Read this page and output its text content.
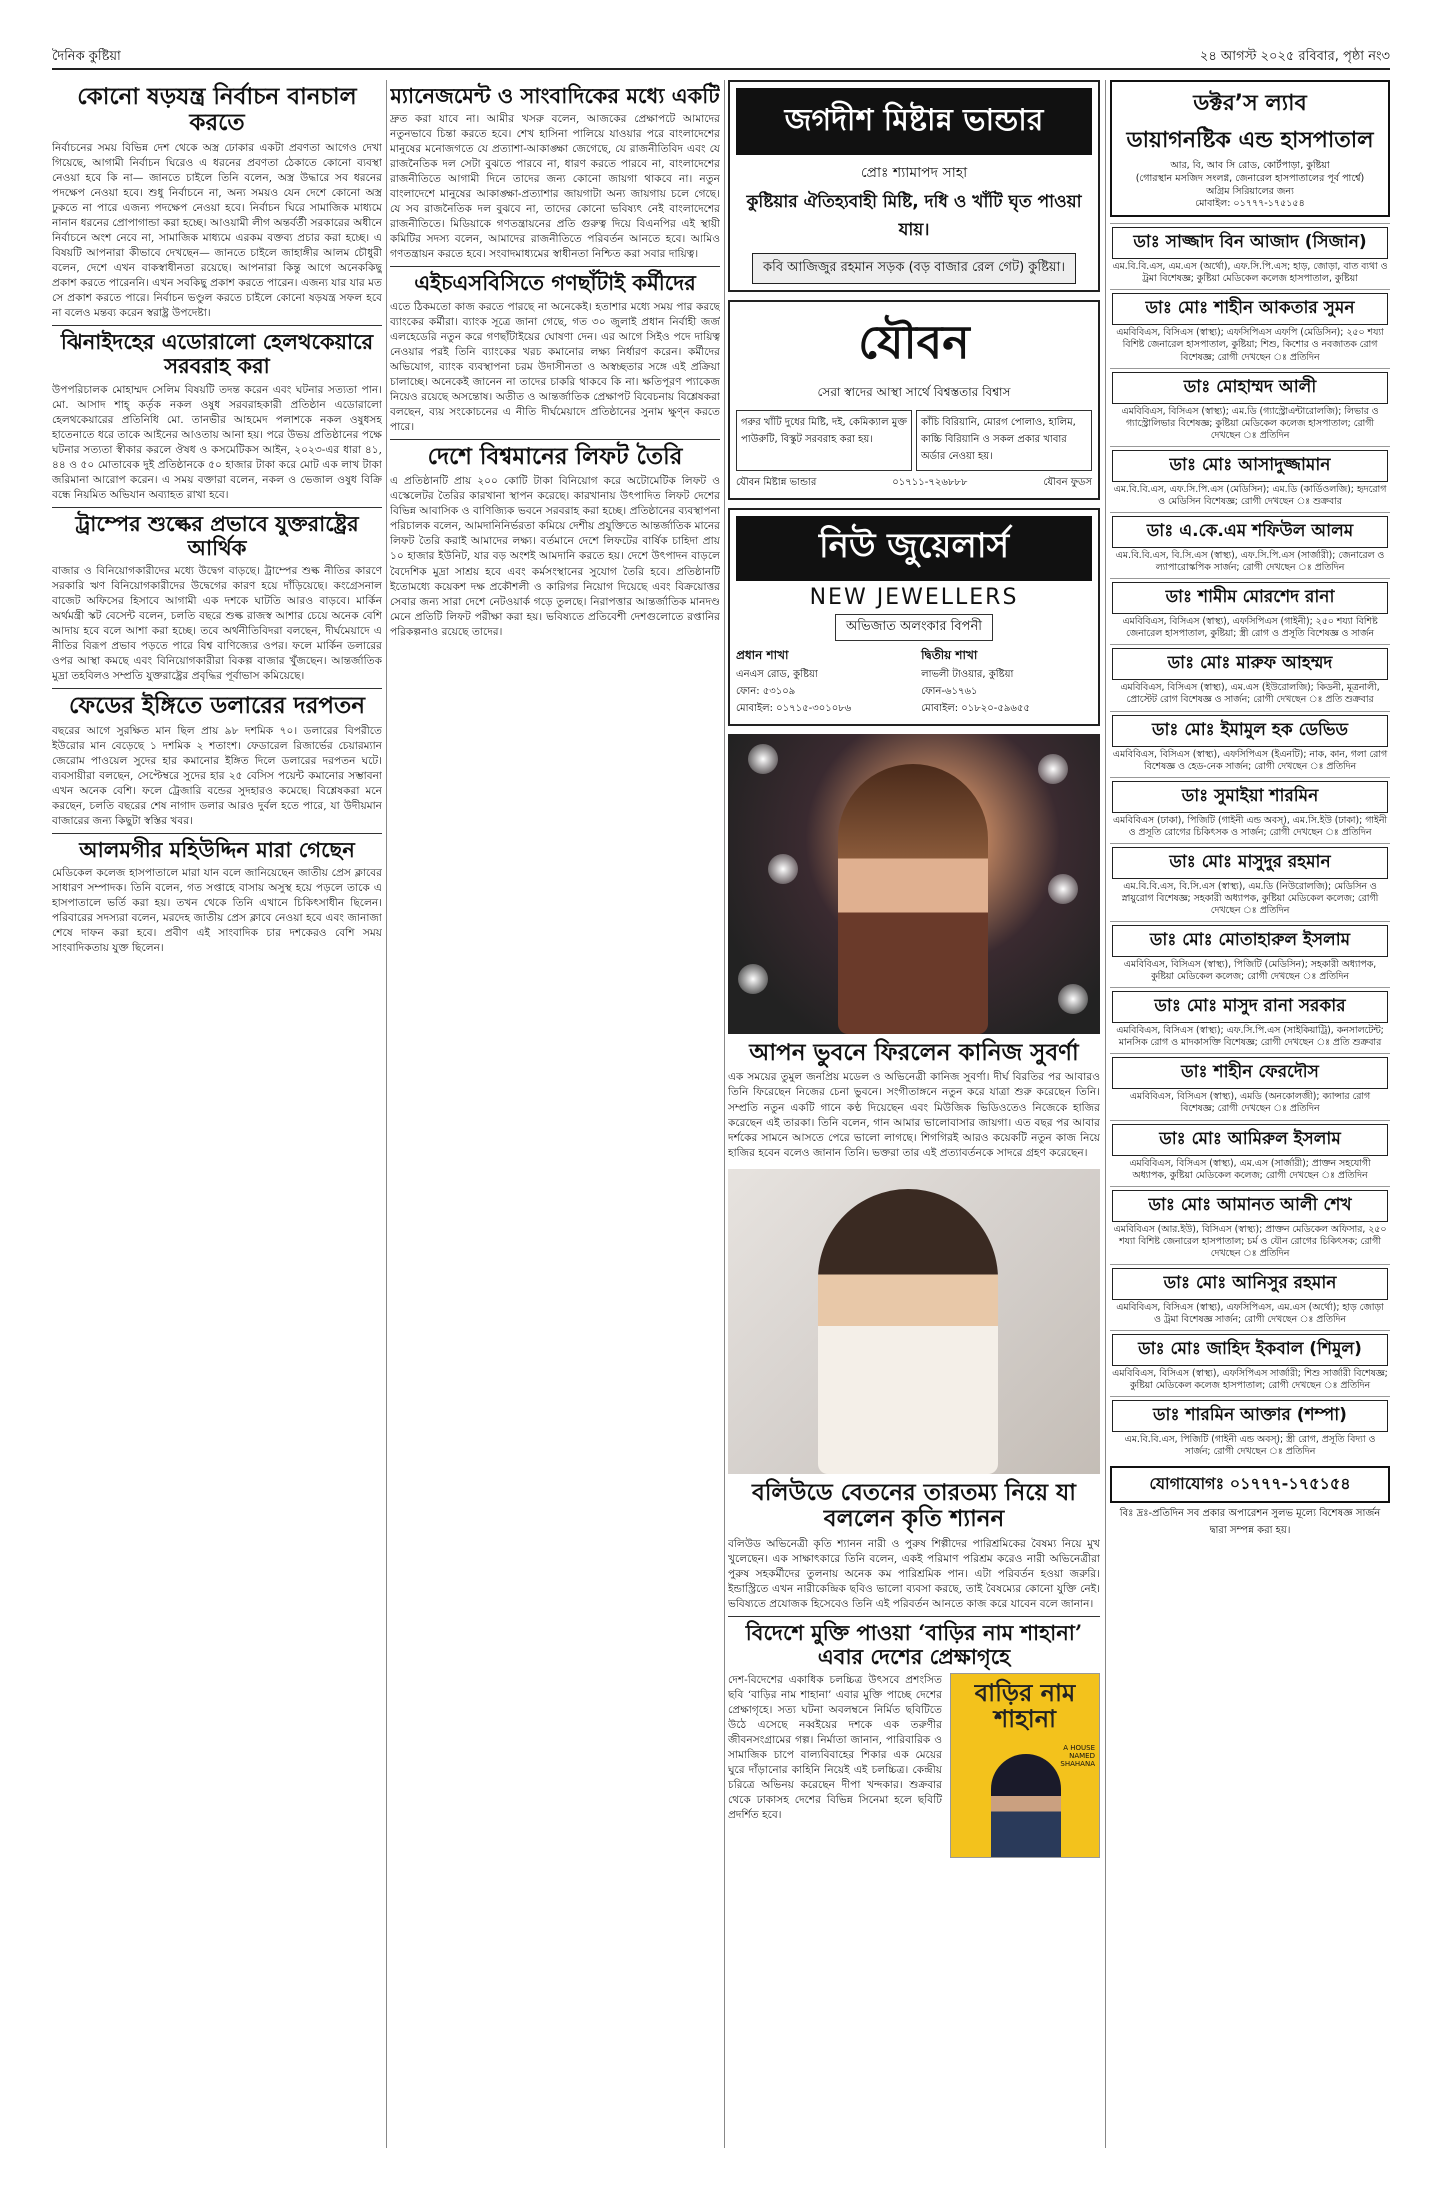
দৈনিক কুষ্টিয়া	২৪ আগস্ট ২০২৫ রবিবার, পৃষ্ঠা নং৩
কোনো ষড়যন্ত্র নির্বাচন বানচাল করতে
নির্বাচনের সময় বিভিন্ন দেশ থেকে অস্ত্র ঢোকার একটা প্রবণতা আগেও দেখা গিয়েছে, আগামী নির্বাচন ঘিরেও এ ধরনের প্রবণতা ঠেকাতে কোনো ব্যবস্থা নেওয়া হবে কি না— জানতে চাইলে তিনি বলেন, অস্ত্র উদ্ধারে সব ধরনের পদক্ষেপ নেওয়া হবে। শুধু নির্বাচনে না, অন্য সময়ও যেন দেশে কোনো অস্ত্র ঢুকতে না পারে এজন্য পদক্ষেপ নেওয়া হবে। নির্বাচন ঘিরে সামাজিক মাধ্যমে নানান ধরনের প্রোপাগান্ডা করা হচ্ছে। আওয়ামী লীগ অন্তর্বর্তী সরকারের অধীনে নির্বাচনে অংশ নেবে না, সামাজিক মাধ্যমে এরকম বক্তব্য প্রচার করা হচ্ছে। এ বিষয়টি আপনারা কীভাবে দেখছেন— জানতে চাইলে জাহাঙ্গীর আলম চৌধুরী বলেন, দেশে এখন বাকস্বাধীনতা রয়েছে। আপনারা কিন্তু আগে অনেককিছু প্রকাশ করতে পারেননি। এখন সবকিছু প্রকাশ করতে পারেন। এজন্য যার যার মত সে প্রকাশ করতে পারে। নির্বাচন ভণ্ডুল করতে চাইলে কোনো ষড়যন্ত্র সফল হবে না বলেও মন্তব্য করেন স্বরাষ্ট্র উপদেষ্টা।
ঝিনাইদহের এডোরালো হেলথকেয়ারে সরবরাহ করা
উপপরিচালক মোহাম্মদ সেলিম বিষয়টি তদন্ত করেন এবং ঘটনার সত্যতা পান। মো. আসাদ শাহ্‌ কর্তৃক নকল ওষুধ সরবরাহকারী প্রতিষ্ঠান এডোরালো হেলথকেয়ারের প্রতিনিধি মো. তানভীর আহমেদ পলাশকে নকল ওষুধসহ হাতেনাতে ধরে তাকে আইনের আওতায় আনা হয়। পরে উভয় প্রতিষ্ঠানের পক্ষে ঘটনার সত্যতা স্বীকার করলে ঔষধ ও কসমেটিকস আইন, ২০২৩-এর ধারা ৪১, ৪৪ ও ৫০ মোতাবেক দুই প্রতিষ্ঠানকে ৫০ হাজার টাকা করে মোট এক লাখ টাকা জরিমানা আরোপ করেন। এ সময় বক্তারা বলেন, নকল ও ভেজাল ওষুধ বিক্রি বন্ধে নিয়মিত অভিযান অব্যাহত রাখা হবে।
ট্রাম্পের শুল্কের প্রভাবে যুক্তরাষ্ট্রের আর্থিক
বাজার ও বিনিয়োগকারীদের মধ্যে উদ্বেগ বাড়ছে। ট্রাম্পের শুল্ক নীতির কারণে সরকারি ঋণ বিনিয়োগকারীদের উদ্বেগের কারণ হয়ে দাঁড়িয়েছে। কংগ্রেসনাল বাজেট অফিসের হিসাবে আগামী এক দশকে ঘাটতি আরও বাড়বে। মার্কিন অর্থমন্ত্রী স্কট বেসেন্ট বলেন, চলতি বছরে শুল্ক রাজস্ব আশার চেয়ে অনেক বেশি আদায় হবে বলে আশা করা হচ্ছে। তবে অর্থনীতিবিদরা বলছেন, দীর্ঘমেয়াদে এ নীতির বিরূপ প্রভাব পড়তে পারে বিশ্ব বাণিজ্যের ওপর। ফলে মার্কিন ডলারের ওপর আস্থা কমছে এবং বিনিয়োগকারীরা বিকল্প বাজার খুঁজছেন। আন্তর্জাতিক মুদ্রা তহবিলও সম্প্রতি যুক্তরাষ্ট্রের প্রবৃদ্ধির পূর্বাভাস কমিয়েছে।
ফেডের ইঙ্গিতে ডলারের দরপতন
বছরের আগে সুরক্ষিত মান ছিল প্রায় ৯৮ দশমিক ৭০। ডলারের বিপরীতে ইউরোর মান বেড়েছে ১ দশমিক ২ শতাংশ। ফেডারেল রিজার্ভের চেয়ারম্যান জেরোম পাওয়েল সুদের হার কমানোর ইঙ্গিত দিলে ডলারের দরপতন ঘটে। ব্যবসায়ীরা বলছেন, সেপ্টেম্বরে সুদের হার ২৫ বেসিস পয়েন্ট কমানোর সম্ভাবনা এখন অনেক বেশি। ফলে ট্রেজারি বন্ডের সুদহারও কমেছে। বিশ্লেষকরা মনে করছেন, চলতি বছরের শেষ নাগাদ ডলার আরও দুর্বল হতে পারে, যা উদীয়মান বাজারের জন্য কিছুটা স্বস্তির খবর।
আলমগীর মহিউদ্দিন মারা গেছেন
মেডিকেল কলেজ হাসপাতালে মারা যান বলে জানিয়েছেন জাতীয় প্রেস ক্লাবের সাধারণ সম্পাদক। তিনি বলেন, গত সপ্তাহে বাসায় অসুস্থ হয়ে পড়লে তাকে এ হাসপাতালে ভর্তি করা হয়। তখন থেকে তিনি এখানে চিকিৎসাধীন ছিলেন। পরিবারের সদস্যরা বলেন, মরদেহ জাতীয় প্রেস ক্লাবে নেওয়া হবে এবং জানাজা শেষে দাফন করা হবে। প্রবীণ এই সাংবাদিক চার দশকেরও বেশি সময় সাংবাদিকতায় যুক্ত ছিলেন।
ম্যানেজমেন্ট ও সাংবাদিকের মধ্যে একটি
দ্রুত করা যাবে না। আমীর খসরু বলেন, আজকের প্রেক্ষাপটে আমাদের নতুনভাবে চিন্তা করতে হবে। শেখ হাসিনা পালিয়ে যাওয়ার পরে বাংলাদেশের মানুষের মনোজগতে যে প্রত্যাশা-আকাঙ্ক্ষা জেগেছে, যে রাজনীতিবিদ এবং যে রাজনৈতিক দল সেটা বুঝতে পারবে না, ধারণ করতে পারবে না, বাংলাদেশের রাজনীতিতে আগামী দিনে তাদের জন্য কোনো জায়গা থাকবে না। নতুন বাংলাদেশে মানুষের আকাঙ্ক্ষা-প্রত্যাশার জায়গাটা অন্য জায়গায় চলে গেছে। যে সব রাজনৈতিক দল বুঝবে না, তাদের কোনো ভবিষ্যৎ নেই বাংলাদেশের রাজনীতিতে। মিডিয়াকে গণতন্ত্রায়নের প্রতি গুরুত্ব দিয়ে বিএনপির এই স্থায়ী কমিটির সদস্য বলেন, আমাদের রাজনীতিতে পরিবর্তন আনতে হবে। আমিও গণতন্ত্রায়ন করতে হবে। সংবাদমাধ্যমের স্বাধীনতা নিশ্চিত করা সবার দায়িত্ব।
এইচএসবিসিতে গণছাঁটাই কর্মীদের
এতে ঠিকমতো কাজ করতে পারছে না অনেকেই। হতাশার মধ্যে সময় পার করছে ব্যাংকের কর্মীরা। ব্যাংক সূত্রে জানা গেছে, গত ৩০ জুলাই প্রধান নির্বাহী জর্জ এলহেডেরি নতুন করে গণছাঁটাইয়ের ঘোষণা দেন। এর আগে সিইও পদে দায়িত্ব নেওয়ার পরই তিনি ব্যাংকের খরচ কমানোর লক্ষ্য নির্ধারণ করেন। কর্মীদের অভিযোগ, ব্যাংক ব্যবস্থাপনা চরম উদাসীনতা ও অস্বচ্ছতার সঙ্গে এই প্রক্রিয়া চালাচ্ছে। অনেকেই জানেন না তাদের চাকরি থাকবে কি না। ক্ষতিপূরণ প্যাকেজ নিয়েও রয়েছে অসন্তোষ। অতীত ও আন্তর্জাতিক প্রেক্ষাপট বিবেচনায় বিশ্লেষকরা বলছেন, ব্যয় সংকোচনের এ নীতি দীর্ঘমেয়াদে প্রতিষ্ঠানের সুনাম ক্ষুণ্ন করতে পারে।
দেশে বিশ্বমানের লিফট তৈরি
এ প্রতিষ্ঠানটি প্রায় ২০০ কোটি টাকা বিনিয়োগ করে অটোমেটিক লিফট ও এস্কেলেটর তৈরির কারখানা স্থাপন করেছে। কারখানায় উৎপাদিত লিফট দেশের বিভিন্ন আবাসিক ও বাণিজ্যিক ভবনে সরবরাহ করা হচ্ছে। প্রতিষ্ঠানের ব্যবস্থাপনা পরিচালক বলেন, আমদানিনির্ভরতা কমিয়ে দেশীয় প্রযুক্তিতে আন্তর্জাতিক মানের লিফট তৈরি করাই আমাদের লক্ষ্য। বর্তমানে দেশে লিফটের বার্ষিক চাহিদা প্রায় ১০ হাজার ইউনিট, যার বড় অংশই আমদানি করতে হয়। দেশে উৎপাদন বাড়লে বৈদেশিক মুদ্রা সাশ্রয় হবে এবং কর্মসংস্থানের সুযোগ তৈরি হবে। প্রতিষ্ঠানটি ইতোমধ্যে কয়েকশ দক্ষ প্রকৌশলী ও কারিগর নিয়োগ দিয়েছে এবং বিক্রয়োত্তর সেবার জন্য সারা দেশে নেটওয়ার্ক গড়ে তুলছে। নিরাপত্তার আন্তর্জাতিক মানদণ্ড মেনে প্রতিটি লিফট পরীক্ষা করা হয়। ভবিষ্যতে প্রতিবেশী দেশগুলোতে রপ্তানির পরিকল্পনাও রয়েছে তাদের।
জগদীশ মিষ্টান্ন ভান্ডার
প্রোঃ শ্যামাপদ সাহা
কুষ্টিয়ার ঐতিহ্যবাহী মিষ্টি, দধি ও খাঁটি ঘৃত পাওয়া যায়।
কবি আজিজুর রহমান সড়ক (বড় বাজার রেল গেট) কুষ্টিয়া।
যৌবন
সেরা স্বাদের আস্থা সার্থে বিশ্বস্ততার বিশ্বাস
গরুর খাঁটি দুধের মিষ্টি, দই, কেমিক্যাল মুক্ত পাউরুটি, বিস্কুট সরবরাহ করা হয়।
কাঁচি বিরিয়ানি, মোরগ পোলাও, হালিম, কাচ্চি বিরিয়ানি ও সকল প্রকার খাবার অর্ডার নেওয়া হয়।
যৌবন মিষ্টান্ন ভান্ডার	০১৭১১-৭২৬৮৮৮	যৌবন ফুডস
নিউ জুয়েলার্স
NEW JEWELLERS
অভিজাত অলংকার বিপনী
প্রধান শাখা
এনএস রোড, কুষ্টিয়া
ফোন: ৫৩১০৯
মোবাইল: ০১৭১৫-৩০১০৮৬
দ্বিতীয় শাখা
লাভলী টাওয়ার, কুষ্টিয়া
ফোন-৬১৭৬১
মোবাইল: ০১৮২০-৫৯৬৫৫
আপন ভুবনে ফিরলেন কানিজ সুবর্ণা
এক সময়ের তুমুল জনপ্রিয় মডেল ও অভিনেত্রী কানিজ সুবর্ণা। দীর্ঘ বিরতির পর আবারও তিনি ফিরেছেন নিজের চেনা ভুবনে। সংগীতাঙ্গনে নতুন করে যাত্রা শুরু করেছেন তিনি। সম্প্রতি নতুন একটি গানে কণ্ঠ দিয়েছেন এবং মিউজিক ভিডিওতেও নিজেকে হাজির করেছেন এই তারকা। তিনি বলেন, গান আমার ভালোবাসার জায়গা। এত বছর পর আবার দর্শকের সামনে আসতে পেরে ভালো লাগছে। শিগগিরই আরও কয়েকটি নতুন কাজ নিয়ে হাজির হবেন বলেও জানান তিনি। ভক্তরা তার এই প্রত্যাবর্তনকে সাদরে গ্রহণ করেছেন।
বলিউডে বেতনের তারতম্য নিয়ে যা বললেন কৃতি শ্যানন
বলিউড অভিনেত্রী কৃতি শ্যানন নারী ও পুরুষ শিল্পীদের পারিশ্রমিকের বৈষম্য নিয়ে মুখ খুলেছেন। এক সাক্ষাৎকারে তিনি বলেন, একই পরিমাণ পরিশ্রম করেও নারী অভিনেত্রীরা পুরুষ সহকর্মীদের তুলনায় অনেক কম পারিশ্রমিক পান। এটা পরিবর্তন হওয়া জরুরি। ইন্ডাস্ট্রিতে এখন নারীকেন্দ্রিক ছবিও ভালো ব্যবসা করছে, তাই বৈষম্যের কোনো যুক্তি নেই। ভবিষ্যতে প্রযোজক হিসেবেও তিনি এই পরিবর্তন আনতে কাজ করে যাবেন বলে জানান।
বিদেশে মুক্তি পাওয়া ‘বাড়ির নাম শাহানা’ এবার দেশের প্রেক্ষাগৃহে
বাড়ির নাম শাহানা
A HOUSE NAMED SHAHANA
দেশ-বিদেশের একাধিক চলচ্চিত্র উৎসবে প্রশংসিত ছবি ‘বাড়ির নাম শাহানা’ এবার মুক্তি পাচ্ছে দেশের প্রেক্ষাগৃহে। সত্য ঘটনা অবলম্বনে নির্মিত ছবিটিতে উঠে এসেছে নব্বইয়ের দশকে এক তরুণীর জীবনসংগ্রামের গল্প। নির্মাতা জানান, পারিবারিক ও সামাজিক চাপে বাল্যবিবাহের শিকার এক মেয়ের ঘুরে দাঁড়ানোর কাহিনি নিয়েই এই চলচ্চিত্র। কেন্দ্রীয় চরিত্রে অভিনয় করেছেন দীপা খন্দকার। শুক্রবার থেকে ঢাকাসহ দেশের বিভিন্ন সিনেমা হলে ছবিটি প্রদর্শিত হবে।
ডক্টর’স ল্যাব
ডায়াগনষ্টিক এন্ড হাসপাতাল
আর, বি, আব সি রোড, কোর্টপাড়া, কুষ্টিয়া
(গোরস্থান মসজিদ সংলগ্ন, জেনারেল হাসপাতালের পূর্ব পার্শ্বে)
অগ্রিম সিরিয়ালের জন্য
মোবাইল: ০১৭৭৭-১৭৫১৫৪
ডাঃ সাজ্জাদ বিন আজাদ (সিজান)
এম.বি.বি.এস, এম.এস (অর্থো), এফ.সি.পি.এস; হাড়, জোড়া, বাত ব্যথা ও ট্রমা বিশেষজ্ঞ; কুষ্টিয়া মেডিকেল কলেজ হাসপাতাল, কুষ্টিয়া
ডাঃ মোঃ শাহীন আকতার সুমন
এমবিবিএস, বিসিএস (স্বাস্থ্য); এফসিপিএস এফপি (মেডিসিন); ২৫০ শয্যা বিশিষ্ট জেনারেল হাসপাতাল, কুষ্টিয়া; শিশু, কিশোর ও নবজাতক রোগ বিশেষজ্ঞ; রোগী দেখছেন ঃ প্রতিদিন
ডাঃ মোহাম্মদ আলী
এমবিবিএস, বিসিএস (স্বাস্থ্য); এম.ডি (গ্যাস্ট্রোএন্টারোলজি); লিভার ও গ্যাস্ট্রোলিভার বিশেষজ্ঞ; কুষ্টিয়া মেডিকেল কলেজ হাসপাতাল; রোগী দেখছেন ঃ প্রতিদিন
ডাঃ মোঃ আসাদুজ্জামান
এম.বি.বি.এস, এফ.সি.পি.এস (মেডিসিন); এম.ডি (কার্ডিওলজি); হৃদরোগ ও মেডিসিন বিশেষজ্ঞ; রোগী দেখছেন ঃ শুক্রবার
ডাঃ এ.কে.এম শফিউল আলম
এম.বি.বি.এস, বি.সি.এস (স্বাস্থ্য), এফ.সি.পি.এস (সার্জারী); জেনারেল ও ল্যাপারোস্কপিক সার্জন; রোগী দেখছেন ঃ প্রতিদিন
ডাঃ শামীম মোরশেদ রানা
এমবিবিএস, বিসিএস (স্বাস্থ্য), এফসিপিএস (গাইনী); ২৫০ শয্যা বিশিষ্ট জেনারেল হাসপাতাল, কুষ্টিয়া; স্ত্রী রোগ ও প্রসূতি বিশেষজ্ঞ ও সার্জন
ডাঃ মোঃ মারুফ আহম্মদ
এমবিবিএস, বিসিএস (স্বাস্থ্য), এম.এস (ইউরোলজি); কিডনী, মূত্রনালী, প্রোস্টেট রোগ বিশেষজ্ঞ ও সার্জন; রোগী দেখছেন ঃ প্রতি শুক্রবার
ডাঃ মোঃ ইমামুল হক ডেভিড
এমবিবিএস, বিসিএস (স্বাস্থ্য), এফসিপিএস (ইএনটি); নাক, কান, গলা রোগ বিশেষজ্ঞ ও হেড-নেক সার্জন; রোগী দেখছেন ঃ প্রতিদিন
ডাঃ সুমাইয়া শারমিন
এমবিবিএস (ঢাকা), পিজিটি (গাইনী এন্ড অবস্), এম.সি.ইউ (ঢাকা); গাইনী ও প্রসূতি রোগের চিকিৎসক ও সার্জন; রোগী দেখছেন ঃ প্রতিদিন
ডাঃ মোঃ মাসুদুর রহমান
এম.বি.বি.এস, বি.সি.এস (স্বাস্থ্য), এম.ডি (নিউরোলজি); মেডিসিন ও স্নায়ুরোগ বিশেষজ্ঞ; সহকারী অধ্যাপক, কুষ্টিয়া মেডিকেল কলেজ; রোগী দেখছেন ঃ প্রতিদিন
ডাঃ মোঃ মোতাহারুল ইসলাম
এমবিবিএস, বিসিএস (স্বাস্থ্য), পিজিটি (মেডিসিন); সহকারী অধ্যাপক, কুষ্টিয়া মেডিকেল কলেজ; রোগী দেখছেন ঃ প্রতিদিন
ডাঃ মোঃ মাসুদ রানা সরকার
এমবিবিএস, বিসিএস (স্বাস্থ্য); এফ.সি.পি.এস (সাইকিয়াট্রি), কনসালটেন্ট; মানসিক রোগ ও মাদকাসক্তি বিশেষজ্ঞ; রোগী দেখছেন ঃ প্রতি শুক্রবার
ডাঃ শাহীন ফেরদৌস
এমবিবিএস, বিসিএস (স্বাস্থ্য), এমডি (অনকোলজী); ক্যান্সার রোগ বিশেষজ্ঞ; রোগী দেখছেন ঃ প্রতিদিন
ডাঃ মোঃ আমিরুল ইসলাম
এমবিবিএস, বিসিএস (স্বাস্থ্য), এম.এস (সার্জারী); প্রাক্তন সহযোগী অধ্যাপক, কুষ্টিয়া মেডিকেল কলেজ; রোগী দেখছেন ঃ প্রতিদিন
ডাঃ মোঃ আমানত আলী শেখ
এমবিবিএস (আর.ইউ), বিসিএস (স্বাস্থ্য); প্রাক্তন মেডিকেল অফিসার, ২৫০ শয্যা বিশিষ্ট জেনারেল হাসপাতাল; চর্ম ও যৌন রোগের চিকিৎসক; রোগী দেখছেন ঃ প্রতিদিন
ডাঃ মোঃ আনিসুর রহমান
এমবিবিএস, বিসিএস (স্বাস্থ্য), এফসিপিএস, এম.এস (অর্থো); হাড় জোড়া ও ট্রমা বিশেষজ্ঞ সার্জন; রোগী দেখছেন ঃ প্রতিদিন
ডাঃ মোঃ জাহিদ ইকবাল (শিমুল)
এমবিবিএস, বিসিএস (স্বাস্থ্য), এফসিপিএস সার্জারী; শিশু সার্জারী বিশেষজ্ঞ; কুষ্টিয়া মেডিকেল কলেজ হাসপাতাল; রোগী দেখছেন ঃ প্রতিদিন
ডাঃ শারমিন আক্তার (শম্পা)
এম.বি.বি.এস, পিজিটি (গাইনী এন্ড অবস্); স্ত্রী রোগ, প্রসূতি বিদ্যা ও সার্জন; রোগী দেখছেন ঃ প্রতিদিন
যোগাযোগঃ ০১৭৭৭-১৭৫১৫৪
বিঃ দ্রঃ-প্রতিদিন সব প্রকার অপারেশন সুলভ মূল্যে বিশেষজ্ঞ সার্জন দ্বারা সম্পন্ন করা হয়।
